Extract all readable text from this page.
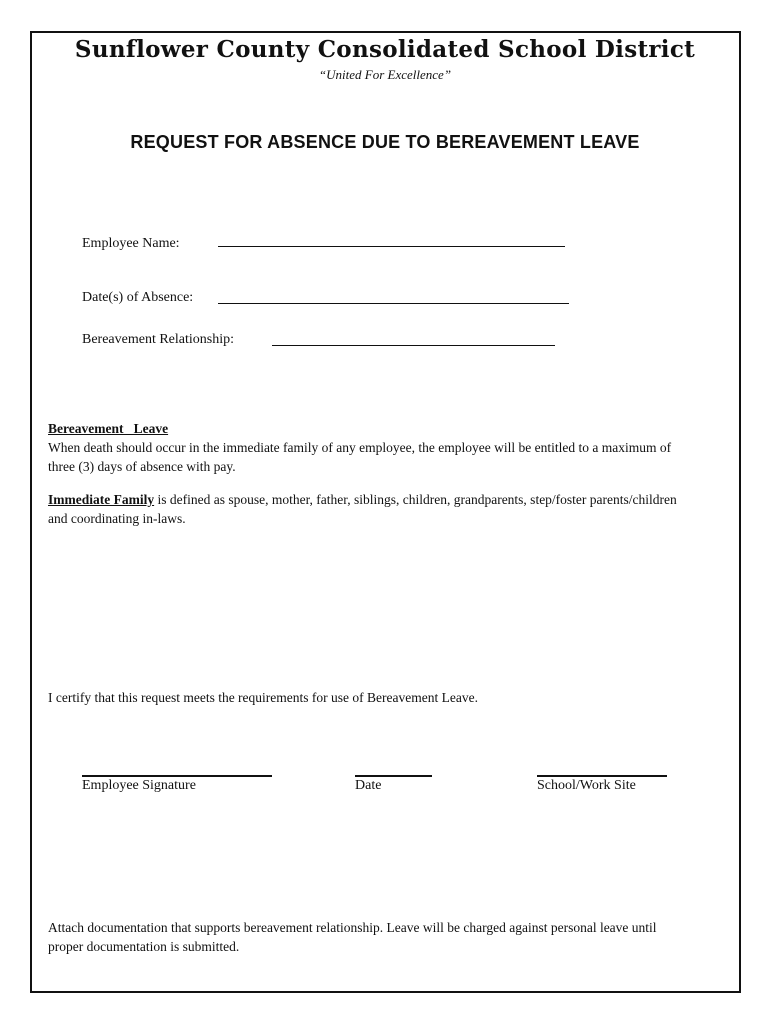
Sunflower County Consolidated School District
“United For Excellence”
REQUEST FOR ABSENCE DUE TO BEREAVEMENT LEAVE
Employee Name:
Date(s) of Absence:
Bereavement Relationship:
Bereavement   Leave
When death should occur in the immediate family of any employee, the employee will be entitled to a maximum of three (3) days of absence with pay.
Immediate Family is defined as spouse, mother, father, siblings, children, grandparents, step/foster parents/children and coordinating in-laws.
I certify that this request meets the requirements for use of Bereavement Leave.
Employee Signature	Date	School/Work Site
Attach documentation that supports bereavement relationship. Leave will be charged against personal leave until proper documentation is submitted.
